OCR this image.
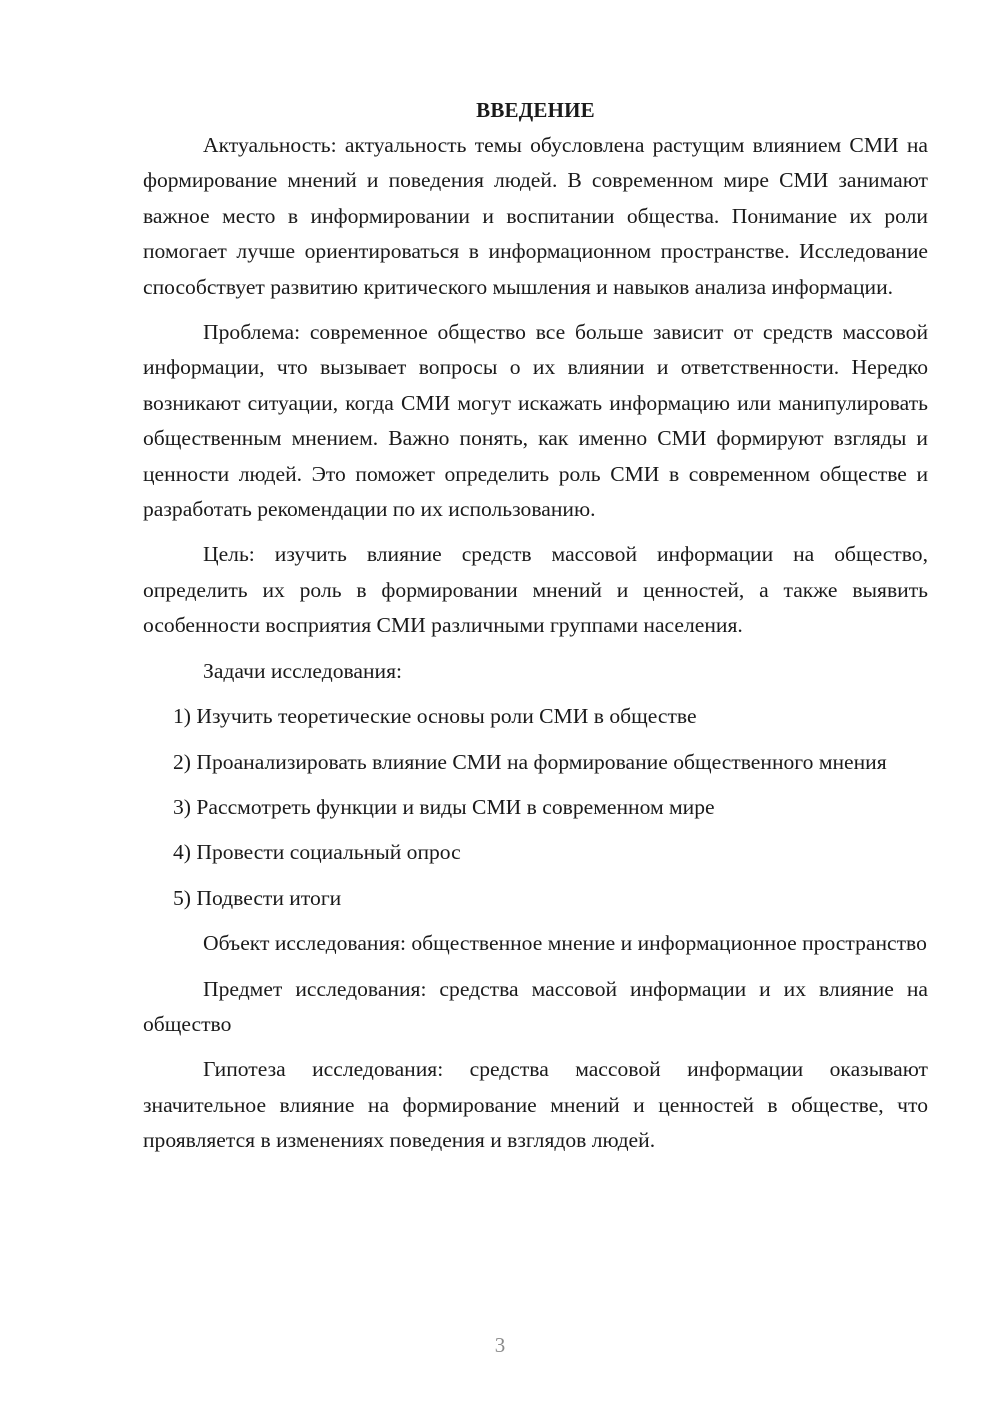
ВВЕДЕНИЕ

Актуальность: актуальность темы обусловлена растущим влиянием СМИ на формирование мнений и поведения людей. В современном мире СМИ занимают важное место в информировании и воспитании общества. Понимание их роли помогает лучше ориентироваться в информационном пространстве. Исследование способствует развитию критического мышления и навыков анализа информации.

Проблема: современное общество все больше зависит от средств массовой информации, что вызывает вопросы о их влиянии и ответственности. Нередко возникают ситуации, когда СМИ могут искажать информацию или манипулировать общественным мнением. Важно понять, как именно СМИ формируют взгляды и ценности людей. Это поможет определить роль СМИ в современном обществе и разработать рекомендации по их использованию.

Цель: изучить влияние средств массовой информации на общество, определить их роль в формировании мнений и ценностей, а также выявить особенности восприятия СМИ различными группами населения.

Задачи исследования:

1) Изучить теоретические основы роли СМИ в обществе

2) Проанализировать влияние СМИ на формирование общественного мнения

3) Рассмотреть функции и виды СМИ в современном мире

4) Провести социальный опрос

5) Подвести итоги

Объект исследования: общественное мнение и информационное пространство

Предмет исследования: средства массовой информации и их влияние на общество

Гипотеза исследования: средства массовой информации оказывают значительное влияние на формирование мнений и ценностей в обществе, что проявляется в изменениях поведения и взглядов людей.

3
